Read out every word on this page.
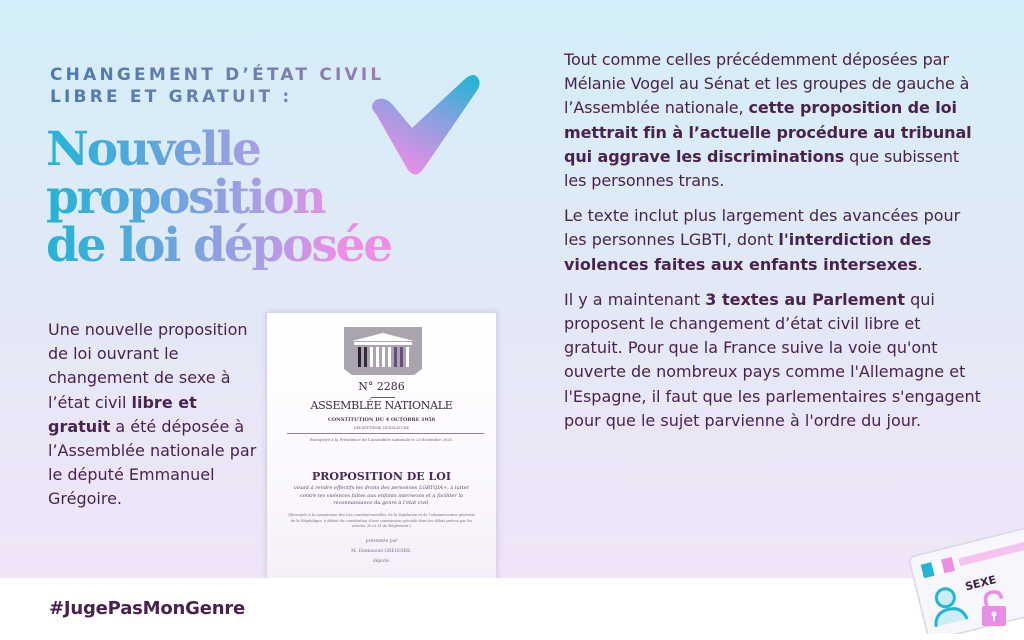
CHANGEMENT D’ÉTAT CIVIL
LIBRE ET GRATUIT :
Nouvelle
proposition
de loi déposée
Une nouvelle proposition de loi ouvrant le changement de sexe à l’état civil libre et gratuit a été déposée à l’Assemblée nationale par le député Emmanuel Grégoire.
N° 2286
ASSEMBLÉE NATIONALE
CONSTITUTION DU 4 OCTOBRE 1958
DIX-SEPTIÈME LÉGISLATURE
Enregistré à la Présidence de l’Assemblée nationale le 23 décembre 2025.
PROPOSITION DE LOI
visant à rendre effectifs les droits des personnes LGBTQIA+, à lutter contre les violences faites aux enfants intersexes et à faciliter la reconnaissance du genre à l’état civil,
(Renvoyée à la commission des lois constitutionnelles, de la législation et de l’administration générale de la République, à défaut de constitution d’une commission spéciale dans les délais prévus par les articles 30 et 31 du Règlement.)
présentée par
M. Emmanuel GRÉGOIRE,
député.

Tout comme celles précédemment déposées par Mélanie Vogel au Sénat et les groupes de gauche à l’Assemblée nationale, cette proposition de loi mettrait fin à l’actuelle procédure au tribunal qui aggrave les discriminations que subissent les personnes trans.

Le texte inclut plus largement des avancées pour les personnes LGBTI, dont l'interdiction des violences faites aux enfants intersexes.

Il y a maintenant 3 textes au Parlement qui proposent le changement d’état civil libre et gratuit. Pour que la France suive la voie qu'ont ouverte de nombreux pays comme l'Allemagne et l'Espagne, il faut que les parlementaires s'engagent pour que le sujet parvienne à l'ordre du jour.

#JugePasMonGenre
SEXE
